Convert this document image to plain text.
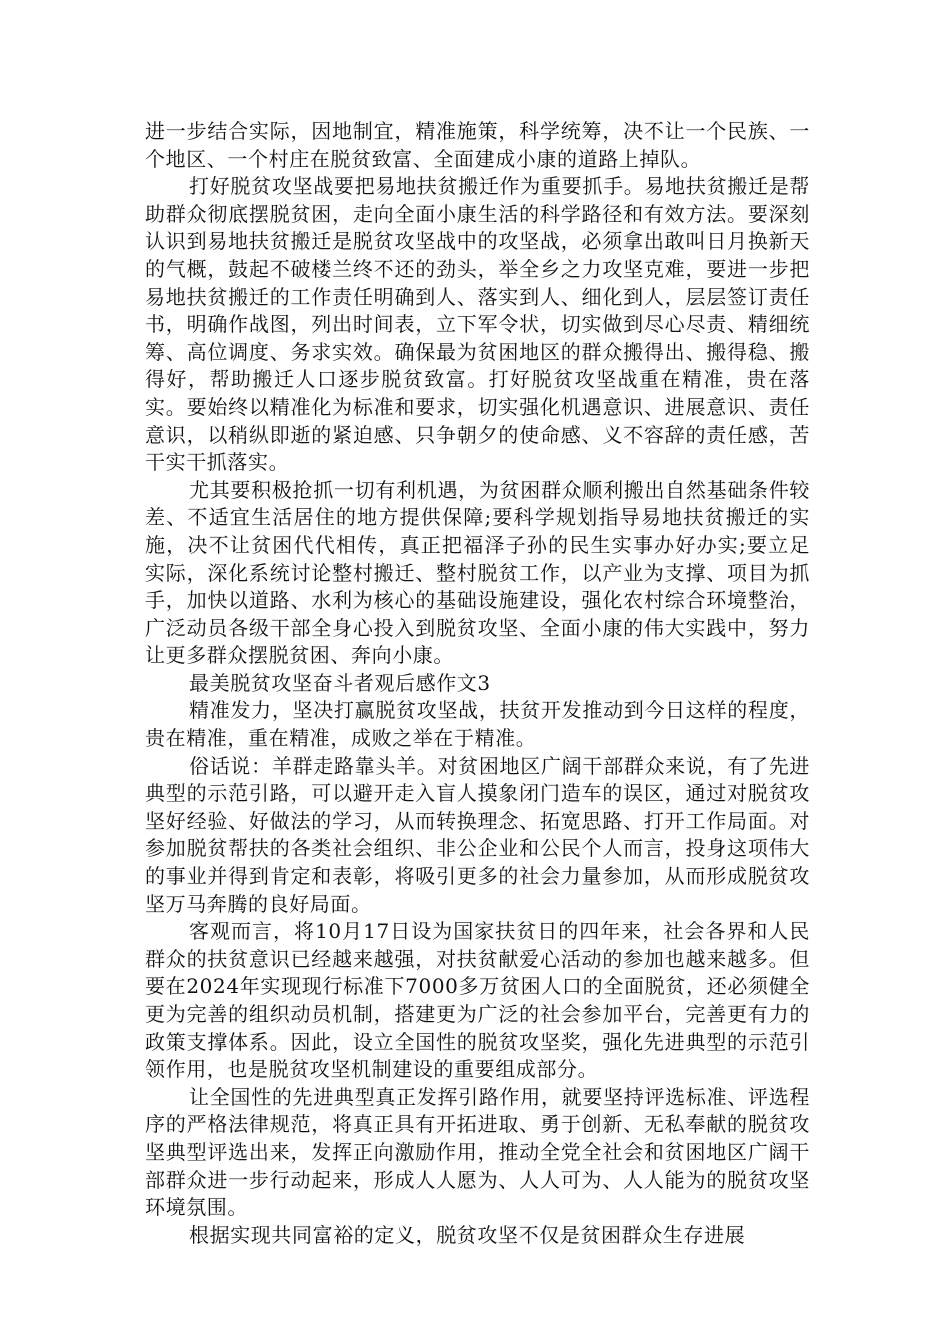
进一步结合实际，因地制宜，精准施策，科学统筹，决不让一个民族、一个地区、一个村庄在脱贫致富、全面建成小康的道路上掉队。

打好脱贫攻坚战要把易地扶贫搬迁作为重要抓手。易地扶贫搬迁是帮助群众彻底摆脱贫困，走向全面小康生活的科学路径和有效方法。要深刻认识到易地扶贫搬迁是脱贫攻坚战中的攻坚战，必须拿出敢叫日月换新天的气概，鼓起不破楼兰终不还的劲头，举全乡之力攻坚克难，要进一步把易地扶贫搬迁的工作责任明确到人、落实到人、细化到人，层层签订责任书，明确作战图，列出时间表，立下军令状，切实做到尽心尽责、精细统筹、高位调度、务求实效。确保最为贫困地区的群众搬得出、搬得稳、搬得好，帮助搬迁人口逐步脱贫致富。打好脱贫攻坚战重在精准，贵在落实。要始终以精准化为标准和要求，切实强化机遇意识、进展意识、责任意识，以稍纵即逝的紧迫感、只争朝夕的使命感、义不容辞的责任感，苦干实干抓落实。

尤其要积极抢抓一切有利机遇，为贫困群众顺利搬出自然基础条件较差、不适宜生活居住的地方提供保障;要科学规划指导易地扶贫搬迁的实施，决不让贫困代代相传，真正把福泽子孙的民生实事办好办实;要立足实际，深化系统讨论整村搬迁、整村脱贫工作，以产业为支撑、项目为抓手，加快以道路、水利为核心的基础设施建设，强化农村综合环境整治，广泛动员各级干部全身心投入到脱贫攻坚、全面小康的伟大实践中，努力让更多群众摆脱贫困、奔向小康。

最美脱贫攻坚奋斗者观后感作文3

精准发力，坚决打赢脱贫攻坚战，扶贫开发推动到今日这样的程度，贵在精准，重在精准，成败之举在于精准。

俗话说：羊群走路靠头羊。对贫困地区广阔干部群众来说，有了先进典型的示范引路，可以避开走入盲人摸象闭门造车的误区，通过对脱贫攻坚好经验、好做法的学习，从而转换理念、拓宽思路、打开工作局面。对参加脱贫帮扶的各类社会组织、非公企业和公民个人而言，投身这项伟大的事业并得到肯定和表彰，将吸引更多的社会力量参加，从而形成脱贫攻坚万马奔腾的良好局面。

客观而言，将10月17日设为国家扶贫日的四年来，社会各界和人民群众的扶贫意识已经越来越强，对扶贫献爱心活动的参加也越来越多。但要在2024年实现现行标准下7000多万贫困人口的全面脱贫，还必须健全更为完善的组织动员机制，搭建更为广泛的社会参加平台，完善更有力的政策支撑体系。因此，设立全国性的脱贫攻坚奖，强化先进典型的示范引领作用，也是脱贫攻坚机制建设的重要组成部分。

让全国性的先进典型真正发挥引路作用，就要坚持评选标准、评选程序的严格法律规范，将真正具有开拓进取、勇于创新、无私奉献的脱贫攻坚典型评选出来，发挥正向激励作用，推动全党全社会和贫困地区广阔干部群众进一步行动起来，形成人人愿为、人人可为、人人能为的脱贫攻坚环境氛围。

根据实现共同富裕的定义，脱贫攻坚不仅是贫困群众生存进展
